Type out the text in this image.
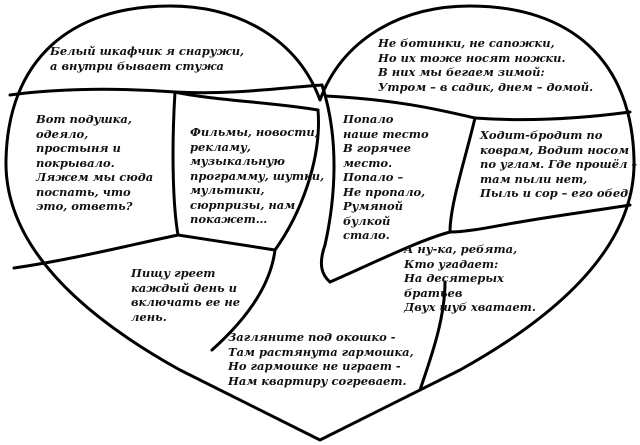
Белый шкафчик я снаружи,
а внутри бывает стужа
Вот подушка,
одеяло,
простыня и
покрывало.
Ляжем мы сюда
поспать, что
это, ответь?
Фильмы, новости,
рекламу,
музыкальную
программу, шутки,
мультики,
сюрпризы, нам
покажет…
Пищу греет
каждый день и
включать ее не
лень.
Загляните под окошко -
Там растянута гармошка,
Но гармошке не играет -
Нам квартиру согревает.
Не ботинки, не сапожки,
Но их тоже носят ножки.
В них мы бегаем зимой:
Утром – в садик, днем – домой.
Попало
наше тесто
В горячее
место.
Попало –
Не пропало,
Румяной
булкой
стало.
Ходит-бродит по
коврам, Водит носом
по углам. Где прошёл –
там пыли нет,
Пыль и сор – его обед.
А ну-ка, ребята,
Кто угадает:
На десятерых
братьев
Двух шуб хватает.
